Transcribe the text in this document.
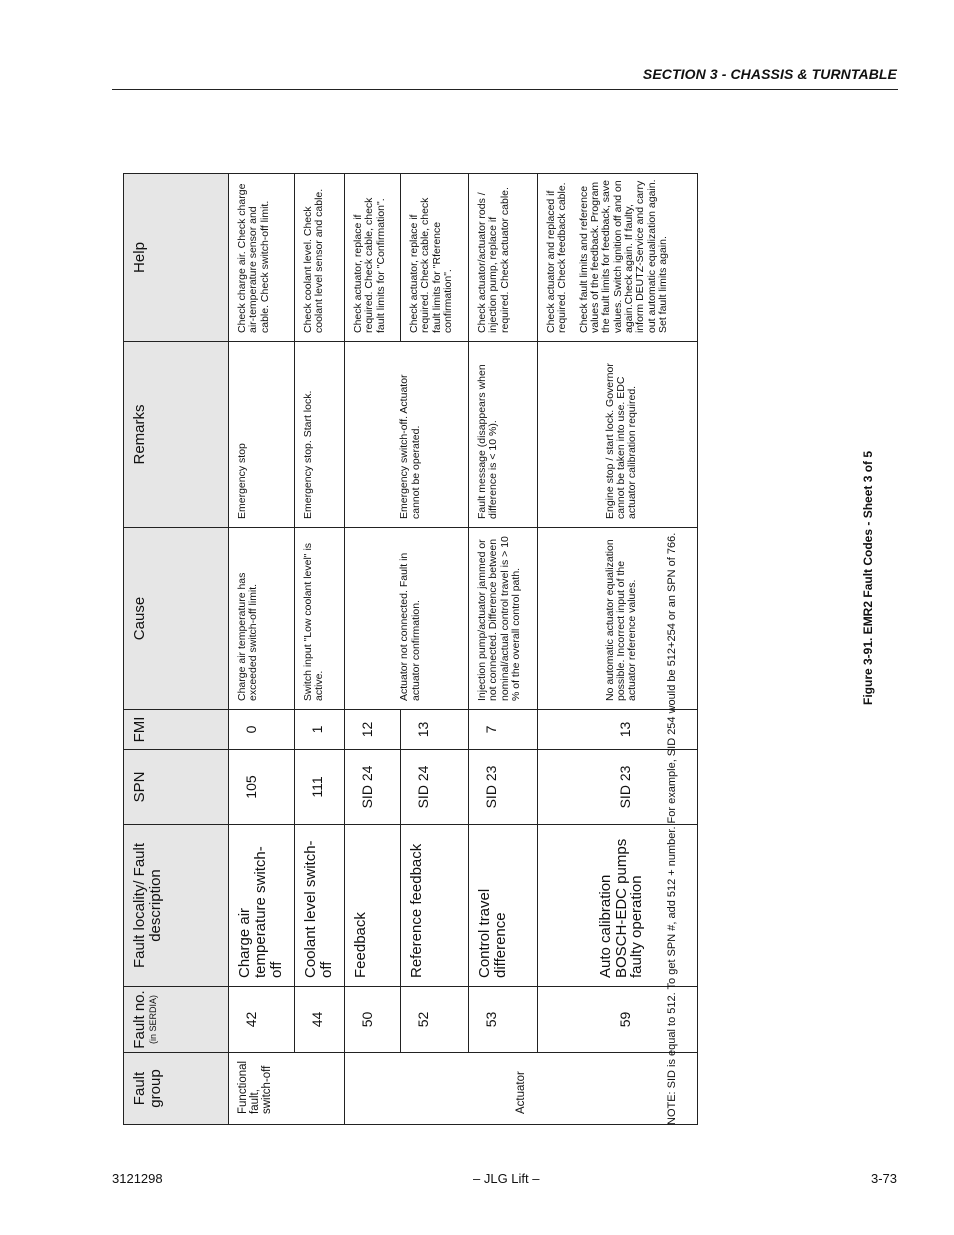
SECTION 3 - CHASSIS & TURNTABLE
Fault group	Fault no. (in SERDIA)	Fault locality/ Fault description	SPN	FMI	Cause	Remarks	Help
Functional fault, switch-off	42	Charge air temperature switch-off	105	0	Charge air temperature has exceeded switch-off limit.	Emergency stop	Check charge air. Check charge air-temperature sensor and cable. Check switch-off limit.
	44	Coolant level switch-off	111	1	Switch input "Low coolant level" is active.	Emergency stop. Start lock.	Check coolant level. Check coolant level sensor and cable.
Actuator	50	Feedback	SID 24	12	Actuator not connected. Fault in actuator confirmation.	Emergency switch-off. Actuator cannot be operated.	Check actuator, replace if required. Check cable, check fault limits for "Confirmation".
	52	Reference feedback	SID 24	13			Check actuator, replace if required. Check cable, check fault limits for "Rference confirmation".
	53	Control travel difference	SID 23	7	Injection pump/actuator jammed or not connected. Difference between nominal/actual control travel is > 10 % of the overall control path.	Fault message (disappears when difference is < 10 %).	Check actuator/actuator rods / injection pump, replace if required. Check actuator cable.
	59	Auto calibration BOSCH-EDC pumps faulty operation	SID 23	13	No automatic actuator equalization possible. Incorrect input of the actuator reference values.	Engine stop / start lock. Governor cannot be taken into use. EDC actuator calibration required.	Check actuator and replaced if required. Check feedback cable. Check fault limits and reference values of the feedback. Program the fault limits for feedback, save values. Switch ignition off and on again.Check again. If faulty, inform DEUTZ-Service and carry out automatic equalization again. Set fault limits again.
NOTE: SID is equal to 512. To get SPN #, add 512 + number. For example, SID 254 would be 512+254 or an SPN of 766.	Figure 3-91. EMR2 Fault Codes - Sheet 3 of 5
3121298	– JLG Lift –	3-73
